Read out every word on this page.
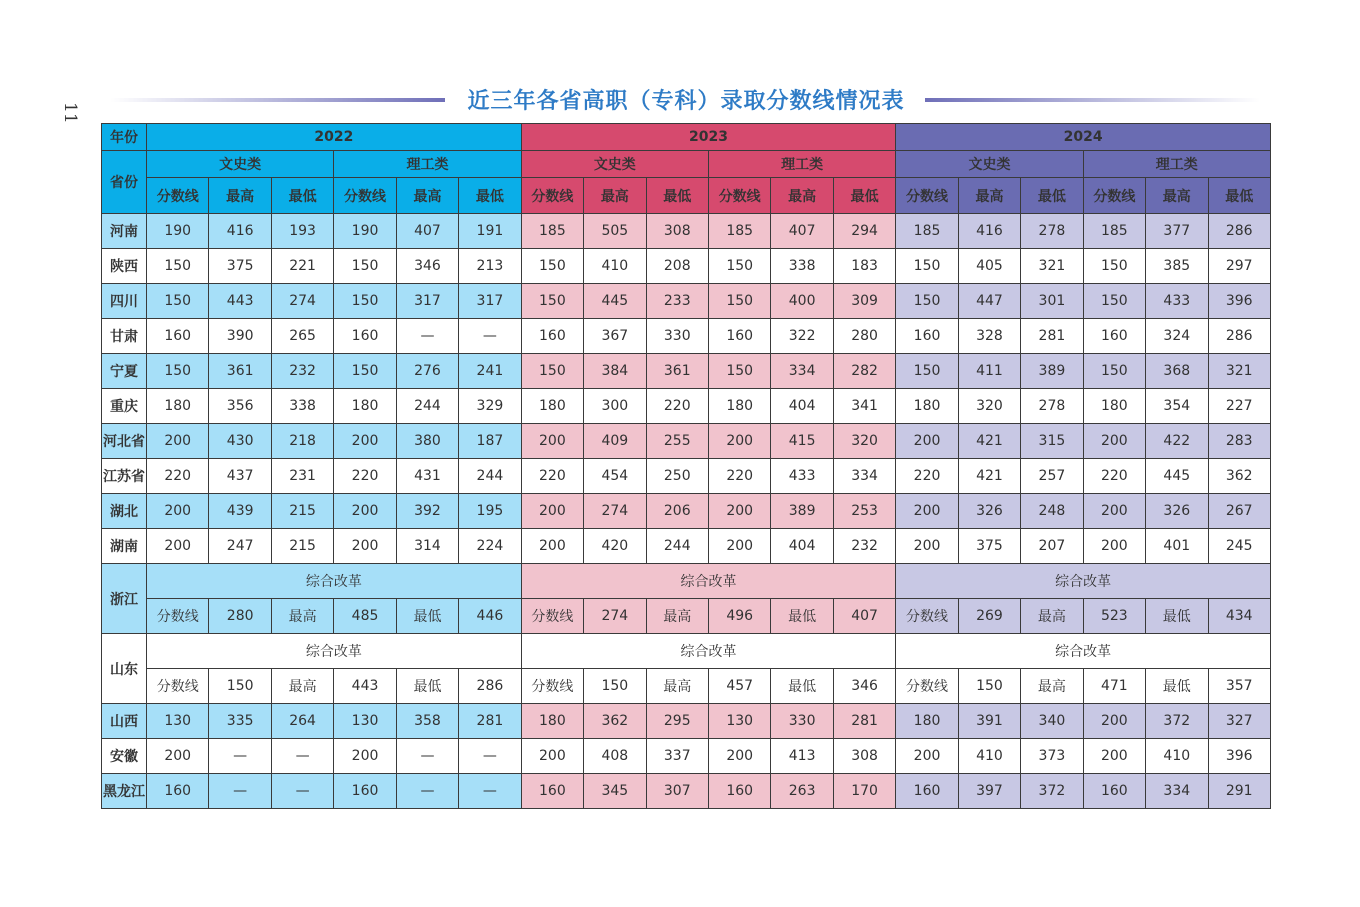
11	近三年各省高职（专科）录取分数线情况表
年份	2022						2023						2024					
省份	文史类			理工类			文史类			理工类			文史类			理工类		
	分数线	最高	最低	分数线	最高	最低	分数线	最高	最低	分数线	最高	最低	分数线	最高	最低	分数线	最高	最低
河南	190	416	193	190	407	191	185	505	308	185	407	294	185	416	278	185	377	286
陕西	150	375	221	150	346	213	150	410	208	150	338	183	150	405	321	150	385	297
四川	150	443	274	150	317	317	150	445	233	150	400	309	150	447	301	150	433	396
甘肃	160	390	265	160	—	—	160	367	330	160	322	280	160	328	281	160	324	286
宁夏	150	361	232	150	276	241	150	384	361	150	334	282	150	411	389	150	368	321
重庆	180	356	338	180	244	329	180	300	220	180	404	341	180	320	278	180	354	227
河北省	200	430	218	200	380	187	200	409	255	200	415	320	200	421	315	200	422	283
江苏省	220	437	231	220	431	244	220	454	250	220	433	334	220	421	257	220	445	362
湖北	200	439	215	200	392	195	200	274	206	200	389	253	200	326	248	200	326	267
湖南	200	247	215	200	314	224	200	420	244	200	404	232	200	375	207	200	401	245
浙江	综合改革						综合改革						综合改革					
	分数线	280	最高	485	最低	446	分数线	274	最高	496	最低	407	分数线	269	最高	523	最低	434
山东	综合改革						综合改革						综合改革					
	分数线	150	最高	443	最低	286	分数线	150	最高	457	最低	346	分数线	150	最高	471	最低	357
山西	130	335	264	130	358	281	180	362	295	130	330	281	180	391	340	200	372	327
安徽	200	—	—	200	—	—	200	408	337	200	413	308	200	410	373	200	410	396
黑龙江	160	—	—	160	—	—	160	345	307	160	263	170	160	397	372	160	334	291
